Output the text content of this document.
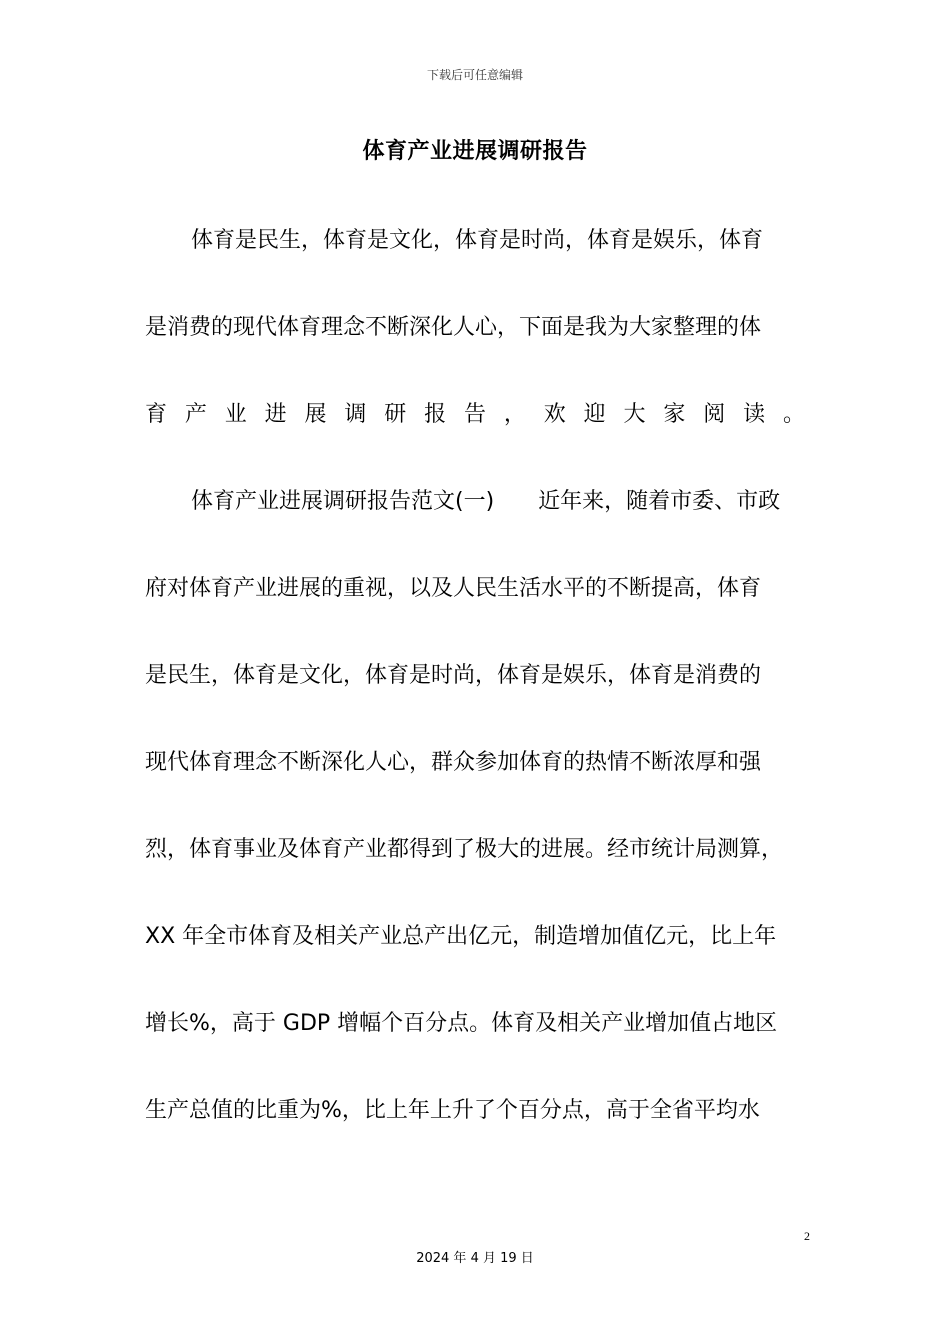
下载后可任意编辑
体育产业进展调研报告
体育是民生，体育是文化，体育是时尚，体育是娱乐，体育
是消费的现代体育理念不断深化人心，下面是我为大家整理的体
育产业进展调研报告，欢迎大家阅读。
体育产业进展调研报告范文(一)　　近年来，随着市委、市政
府对体育产业进展的重视，以及人民生活水平的不断提高，体育
是民生，体育是文化，体育是时尚，体育是娱乐，体育是消费的
现代体育理念不断深化人心，群众参加体育的热情不断浓厚和强
烈，体育事业及体育产业都得到了极大的进展。经市统计局测算，
XX 年全市体育及相关产业总产出亿元，制造增加值亿元，比上年
增长%，高于 GDP 增幅个百分点。体育及相关产业增加值占地区
生产总值的比重为%，比上年上升了个百分点，高于全省平均水
2
2024 年 4 月 19 日
